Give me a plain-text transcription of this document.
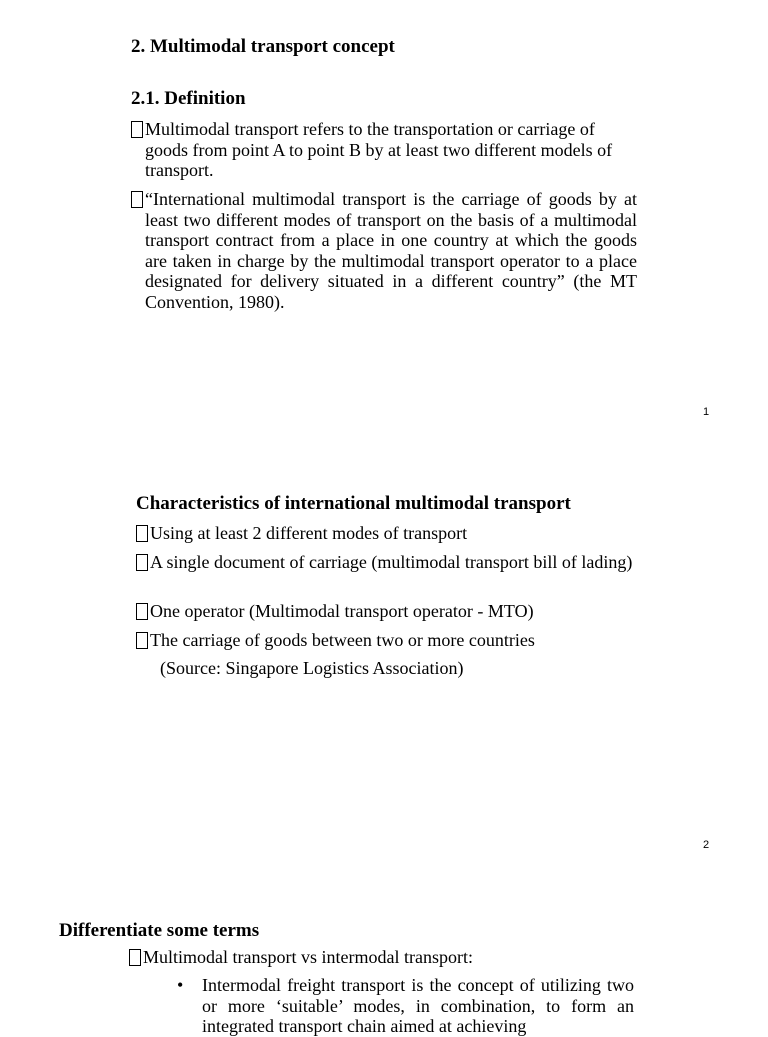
2. Multimodal transport concept
2.1. Definition
Multimodal transport refers to the transportation or carriage of goods from point A to point B by at least two different models of transport.
“International multimodal transport is the carriage of goods by at least two different modes of transport on the basis of a multimodal transport contract from a place in one country at which the goods are taken in charge by the multimodal transport operator to a place designated for delivery situated in a different country” (the MT Convention, 1980).
1
Characteristics of international multimodal transport
Using at least 2 different modes of transport
A single document of carriage (multimodal transport bill of lading)
One operator (Multimodal transport operator - MTO)
The carriage of goods between two or more countries
(Source: Singapore Logistics Association)
2
Differentiate some terms
Multimodal transport vs intermodal transport:
• Intermodal freight transport is the concept of utilizing two or more ‘suitable’ modes, in combination, to form an integrated transport chain aimed at achieving
